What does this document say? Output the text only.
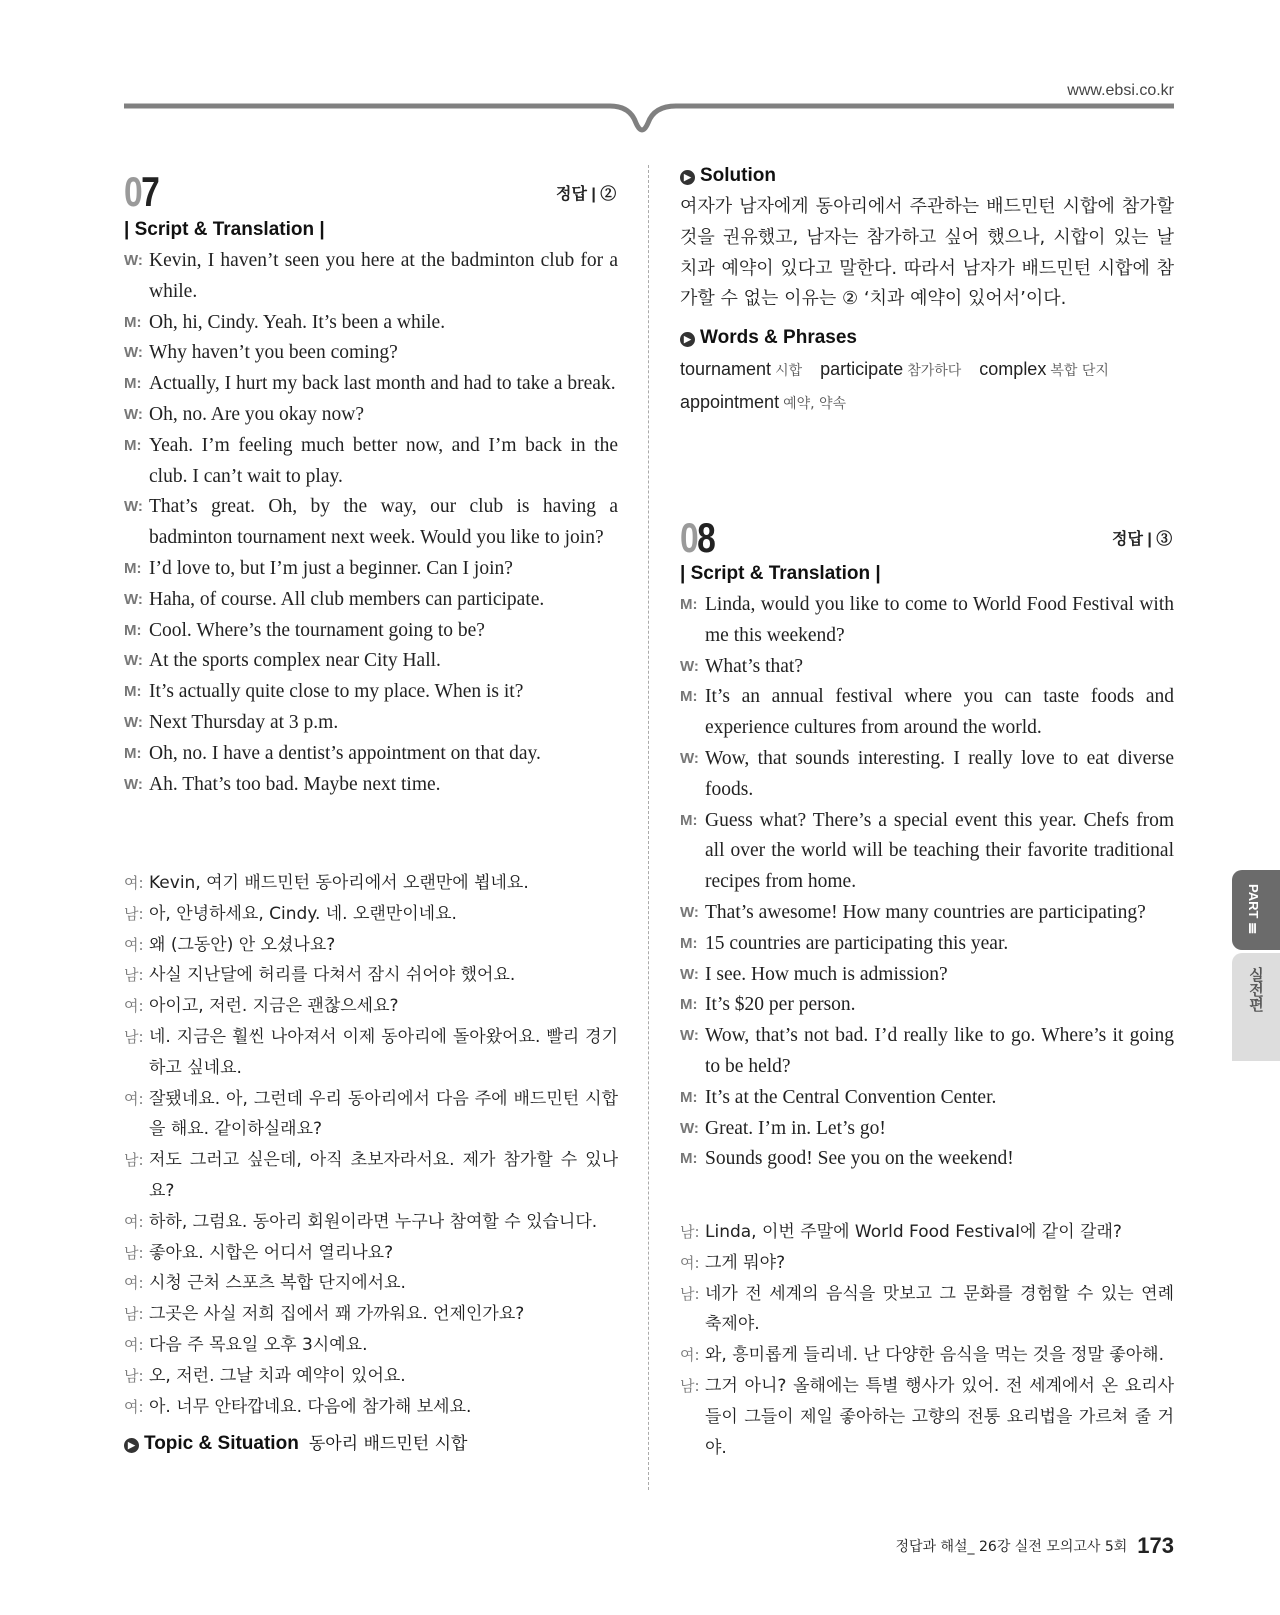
www.ebsi.co.kr
07	정답 | ②
| Script & Translation |
W: Kevin, I haven’t seen you here at the badminton club for a while.
M: Oh, hi, Cindy. Yeah. It’s been a while.
W: Why haven’t you been coming?
M: Actually, I hurt my back last month and had to take a break.
W: Oh, no. Are you okay now?
M: Yeah. I’m feeling much better now, and I’m back in the club. I can’t wait to play.
W: That’s great. Oh, by the way, our club is having a badminton tournament next week. Would you like to join?
M: I’d love to, but I’m just a beginner. Can I join?
W: Haha, of course. All club members can participate.
M: Cool. Where’s the tournament going to be?
W: At the sports complex near City Hall.
M: It’s actually quite close to my place. When is it?
W: Next Thursday at 3 p.m.
M: Oh, no. I have a dentist’s appointment on that day.
W: Ah. That’s too bad. Maybe next time.
여: Kevin, 여기 배드민턴 동아리에서 오랜만에 뵙네요.
남: 아, 안녕하세요, Cindy. 네. 오랜만이네요.
여: 왜 (그동안) 안 오셨나요?
남: 사실 지난달에 허리를 다쳐서 잠시 쉬어야 했어요.
여: 아이고, 저런. 지금은 괜찮으세요?
남: 네. 지금은 훨씬 나아져서 이제 동아리에 돌아왔어요. 빨리 경기하고 싶네요.
여: 잘됐네요. 아, 그런데 우리 동아리에서 다음 주에 배드민턴 시합을 해요. 같이하실래요?
남: 저도 그러고 싶은데, 아직 초보자라서요. 제가 참가할 수 있나요?
여: 하하, 그럼요. 동아리 회원이라면 누구나 참여할 수 있습니다.
남: 좋아요. 시합은 어디서 열리나요?
여: 시청 근처 스포츠 복합 단지에서요.
남: 그곳은 사실 저희 집에서 꽤 가까워요. 언제인가요?
여: 다음 주 목요일 오후 3시예요.
남: 오, 저런. 그날 치과 예약이 있어요.
여: 아. 너무 안타깝네요. 다음에 참가해 보세요.
▶ Topic & Situation 동아리 배드민턴 시합
▶ Solution
여자가 남자에게 동아리에서 주관하는 배드민턴 시합에 참가할 것을 권유했고, 남자는 참가하고 싶어 했으나, 시합이 있는 날 치과 예약이 있다고 말한다. 따라서 남자가 배드민턴 시합에 참가할 수 없는 이유는 ② ‘치과 예약이 있어서’이다.
▶ Words & Phrases
tournament 시합 participate 참가하다 complex 복합 단지
appointment 예약, 약속
08	정답 | ③
| Script & Translation |
M: Linda, would you like to come to World Food Festival with me this weekend?
W: What’s that?
M: It’s an annual festival where you can taste foods and experience cultures from around the world.
W: Wow, that sounds interesting. I really love to eat diverse foods.
M: Guess what? There’s a special event this year. Chefs from all over the world will be teaching their favorite traditional recipes from home.
W: That’s awesome! How many countries are participating?
M: 15 countries are participating this year.
W: I see. How much is admission?
M: It’s $20 per person.
W: Wow, that’s not bad. I’d really like to go. Where’s it going to be held?
M: It’s at the Central Convention Center.
W: Great. I’m in. Let’s go!
M: Sounds good! See you on the weekend!
남: Linda, 이번 주말에 World Food Festival에 같이 갈래?
여: 그게 뭐야?
남: 네가 전 세계의 음식을 맛보고 그 문화를 경험할 수 있는 연례 축제야.
여: 와, 흥미롭게 들리네. 난 다양한 음식을 먹는 것을 정말 좋아해.
남: 그거 아니? 올해에는 특별 행사가 있어. 전 세계에서 온 요리사들이 그들이 제일 좋아하는 고향의 전통 요리법을 가르쳐 줄 거야.
PART Ⅲ
실전편
정답과 해설_ 26강 실전 모의고사 5회 173
